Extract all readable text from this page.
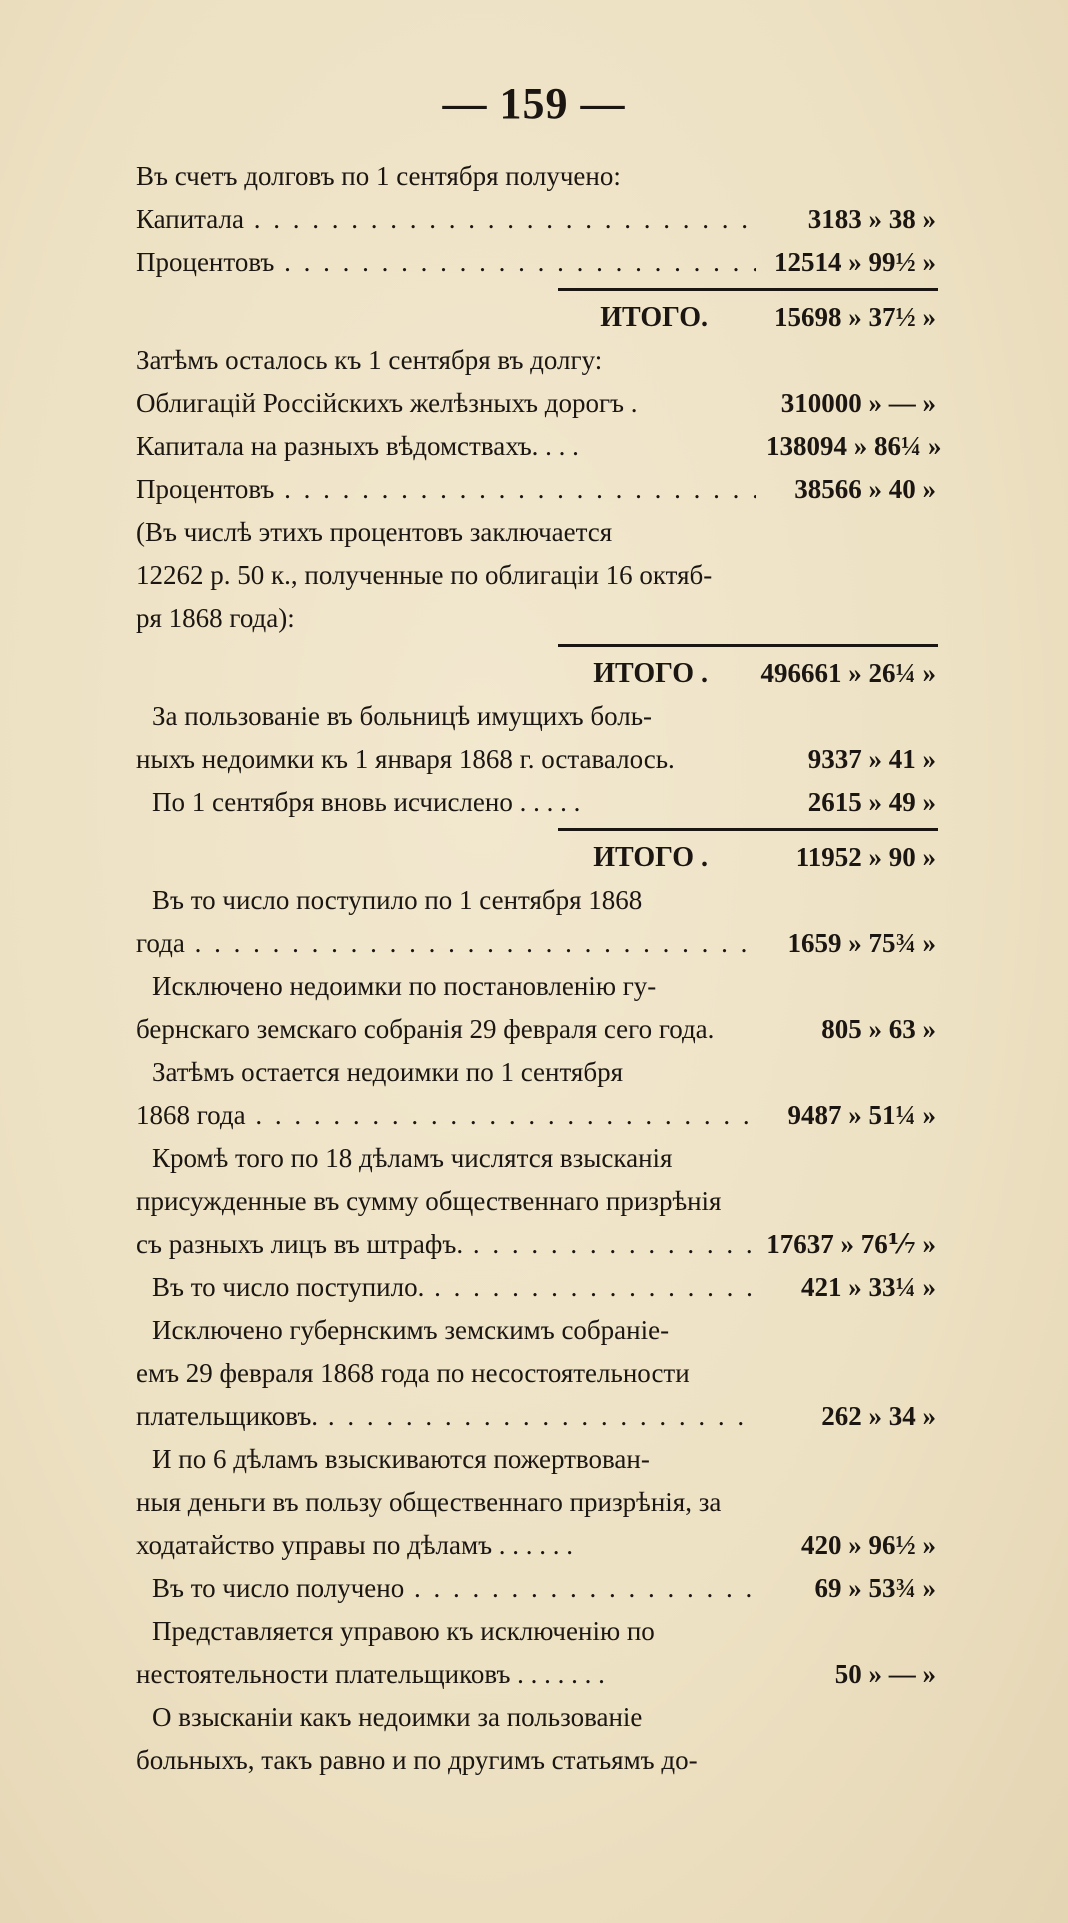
— 159 —
Въ счетъ долговъ по 1 сентября получено:
Капитала . . .	3183 » 38 »
Процентовъ . . .	12514 » 99½ »
ИТОГО.	15698 » 37½ »
Затѣмъ осталось къ 1 сентября въ долгу:
Облигацій Россійскихъ желѣзныхъ дорогъ .	310000 » — »
Капитала на разныхъ вѣдомствахъ. . . .	138094 » 86¼ »
Процентовъ . . .	38566 » 40 »
(Въ числѣ этихъ процентовъ заключается
12262 р. 50 к., полученные по облигаціи 16 октяб-
ря 1868 года):
ИТОГО .	496661 » 26¼ »
За пользованіе въ больницѣ имущихъ боль-
ныхъ недоимки къ 1 января 1868 г. оставалось.	9337 » 41 »
По 1 сентября вновь исчислено . . . . .	2615 » 49 »
ИТОГО .	11952 » 90 »
Въ то число поступило по 1 сентября 1868
года . . .	1659 » 75¾ »
Исключено недоимки по постановленію гу-
бернскаго земскаго собранія 29 февраля сего года.	805 » 63 »
Затѣмъ остается недоимки по 1 сентября
1868 года . . .	9487 » 51¼ »
Кромѣ того по 18 дѣламъ числятся взысканія
присужденные въ сумму общественнаго призрѣнія
съ разныхъ лицъ въ штрафъ. . . .	17637 » 76⅐ »
Въ то число поступило. . . .	421 » 33¼ »
Исключено губернскимъ земскимъ собраніе-
емъ 29 февраля 1868 года по несостоятельности
плательщиковъ. . . .	262 » 34 »
И по 6 дѣламъ взыскиваются пожертвован-
ныя деньги въ пользу общественнаго призрѣнія, за
ходатайство управы по дѣламъ . . . . . .	420 » 96½ »
Въ то число получено . . .	69 » 53¾ »
Представляется управою къ исключенію по
нестоятельности плательщиковъ . . . . . . .	50 » — »
О взысканіи какъ недоимки за пользованіе
больныхъ, такъ равно и по другимъ статьямъ до-
